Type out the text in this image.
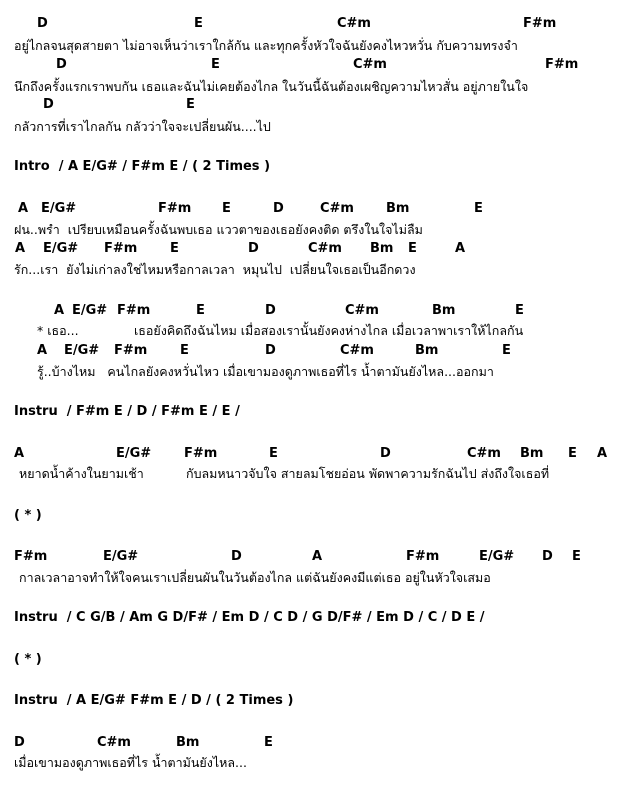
D	E	C#m	F#m
อยู่ไกลจนสุดสายตา ไม่อาจเห็นว่าเราใกล้กัน และทุกครั้งหัวใจฉันยังคงไหวหวั่น กับความทรงจำ
D	E	C#m	F#m
นึกถึงครั้งแรกเราพบกัน เธอและฉันไม่เคยต้องไกล ในวันนี้ฉันต้องเผชิญความไหวสั่น อยู่ภายในใจ
D	E
กลัวการที่เราไกลกัน กลัวว่าใจจะเปลี่ยนผัน....ไป
Intro  / A E/G# / F#m E / ( 2 Times )
A E/G#	F#m E	D	C#m Bm	E
ฝน..พรำ  เปรียบเหมือนครั้งฉันพบเธอ แววตาของเธอยังคงติด ตรึงในใจไม่ลืม
A E/G# F#m	E	D	C#m Bm E	A
รัก...เรา  ยังไม่เก่าลงใช่ไหมหรือกาลเวลา  หมุนไป  เปลี่ยนใจเธอเป็นอีกดวง
A E/G# F#m	E	D	C#m	Bm	E
* เธอ...	เธอยังคิดถึงฉันไหม เมื่อสองเรานั้นยังคงห่างไกล เมื่อเวลาพาเราให้ไกลกัน
A E/G# F#m	E	D	C#m	Bm	E
รู้..บ้างไหม   คนไกลยังคงหวั่นไหว เมื่อเขามองดูภาพเธอที่ไร น้ำตามันยังไหล...ออกมา
Instru  / F#m E / D / F#m E / E /
A	E/G#	F#m	E	D	C#m Bm E A
หยาดน้ำค้างในยามเช้า	กับลมหนาวจับใจ สายลมโชยอ่อน พัดพาความรักฉันไป ส่งถึงใจเธอที่
( * )
F#m	E/G#	D	A	F#m	E/G# D E
กาลเวลาอาจทำให้ใจคนเราเปลี่ยนผันในวันต้องไกล แต่ฉันยังคงมีแต่เธอ อยู่ในหัวใจเสมอ
Instru  / C G/B / Am G D/F# / Em D / C D / G D/F# / Em D / C / D E /
( * )
Instru  / A E/G# F#m E / D / ( 2 Times )
D	C#m	Bm	E
เมื่อเขามองดูภาพเธอที่ไร น้ำตามันยังไหล...
